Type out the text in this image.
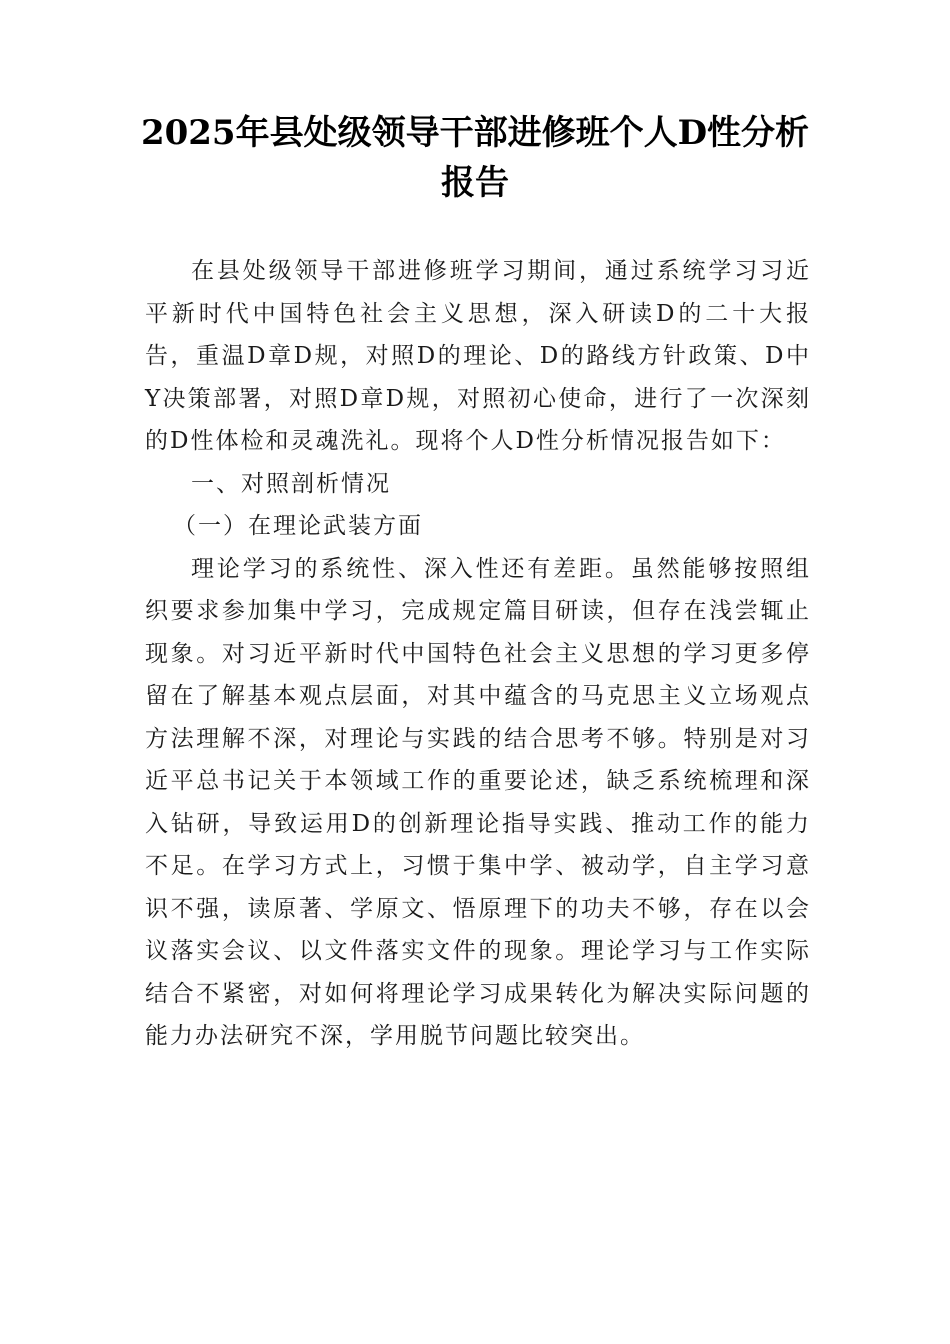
2025年县处级领导干部进修班个人D性分析报告

在县处级领导干部进修班学习期间，通过系统学习习近平新时代中国特色社会主义思想，深入研读D的二十大报告，重温D章D规，对照D的理论、D的路线方针政策、D中Y决策部署，对照D章D规，对照初心使命，进行了一次深刻的D性体检和灵魂洗礼。现将个人D性分析情况报告如下：

一、对照剖析情况

（一）在理论武装方面

理论学习的系统性、深入性还有差距。虽然能够按照组织要求参加集中学习，完成规定篇目研读，但存在浅尝辄止现象。对习近平新时代中国特色社会主义思想的学习更多停留在了解基本观点层面，对其中蕴含的马克思主义立场观点方法理解不深，对理论与实践的结合思考不够。特别是对习近平总书记关于本领域工作的重要论述，缺乏系统梳理和深入钻研，导致运用D的创新理论指导实践、推动工作的能力不足。在学习方式上，习惯于集中学、被动学，自主学习意识不强，读原著、学原文、悟原理下的功夫不够，存在以会议落实会议、以文件落实文件的现象。理论学习与工作实际结合不紧密，对如何将理论学习成果转化为解决实际问题的能力办法研究不深，学用脱节问题比较突出。
